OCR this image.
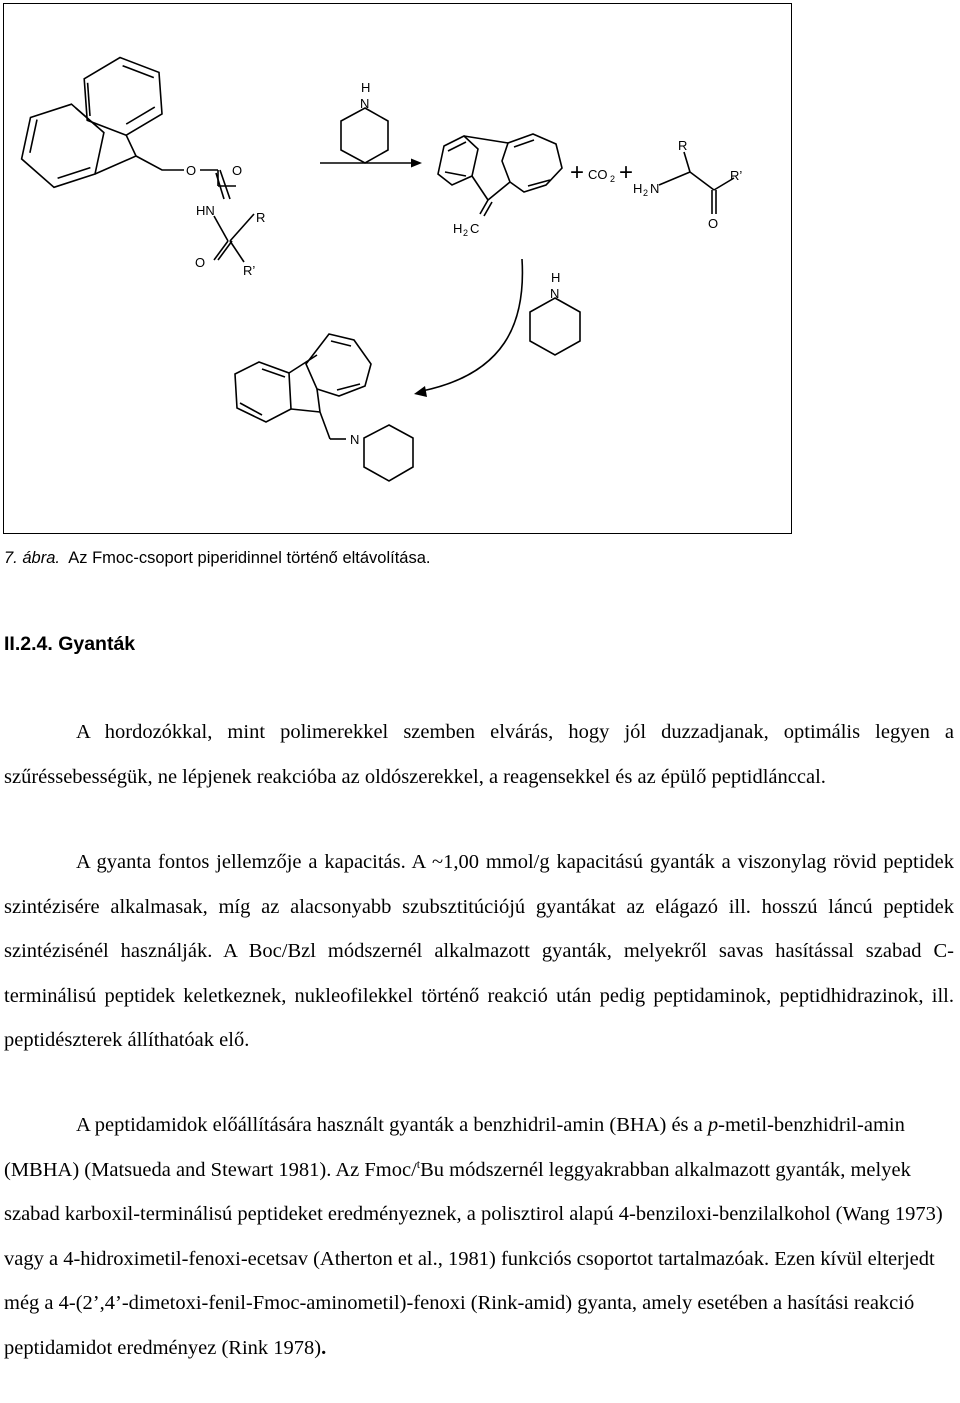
O	O
HN	R
O
R’
H
N
H 2 C
+ CO 2 +
H 2 N
R
R’
O
H
N
N
7. ábra. Az Fmoc-csoport piperidinnel történő eltávolítása.
II.2.4. Gyanták

A hordozókkal, mint polimerekkel szemben elvárás, hogy jól duzzadjanak, optimális legyen a szűréssebességük, ne lépjenek reakcióba az oldószerekkel, a reagensekkel és az épülő peptidlánccal.

A gyanta fontos jellemzője a kapacitás. A ~1,00 mmol/g kapacitású gyanták a viszonylag rövid peptidek szintézisére alkalmasak, míg az alacsonyabb szubsztitúciójú gyantákat az elágazó ill. hosszú láncú peptidek szintézisénél használják. A Boc/Bzl módszernél alkalmazott gyanták, melyekről savas hasítással szabad C-terminálisú peptidek keletkeznek, nukleofilekkel történő reakció után pedig peptidaminok, peptidhidrazinok, ill. peptidészterek állíthatóak elő.

A peptidamidok előállítására használt gyanták a benzhidril-amin (BHA) és a p-metil-benzhidril-amin (MBHA) (Matsueda and Stewart 1981). Az Fmoc/$^t$Bu módszernél leggyakrabban alkalmazott gyanták, melyek szabad karboxil-terminálisú peptideket eredményeznek, a polisztirol alapú 4-benziloxi-benzilalkohol (Wang 1973) vagy a 4-hidroximetil-fenoxi-ecetsav (Atherton et al., 1981) funkciós csoportot tartalmazóak. Ezen kívül elterjedt még a 4-(2’,4’-dimetoxi-fenil-Fmoc-aminometil)-fenoxi (Rink-amid) gyanta, amely esetében a hasítási reakció peptidamidot eredményez (Rink 1978).
